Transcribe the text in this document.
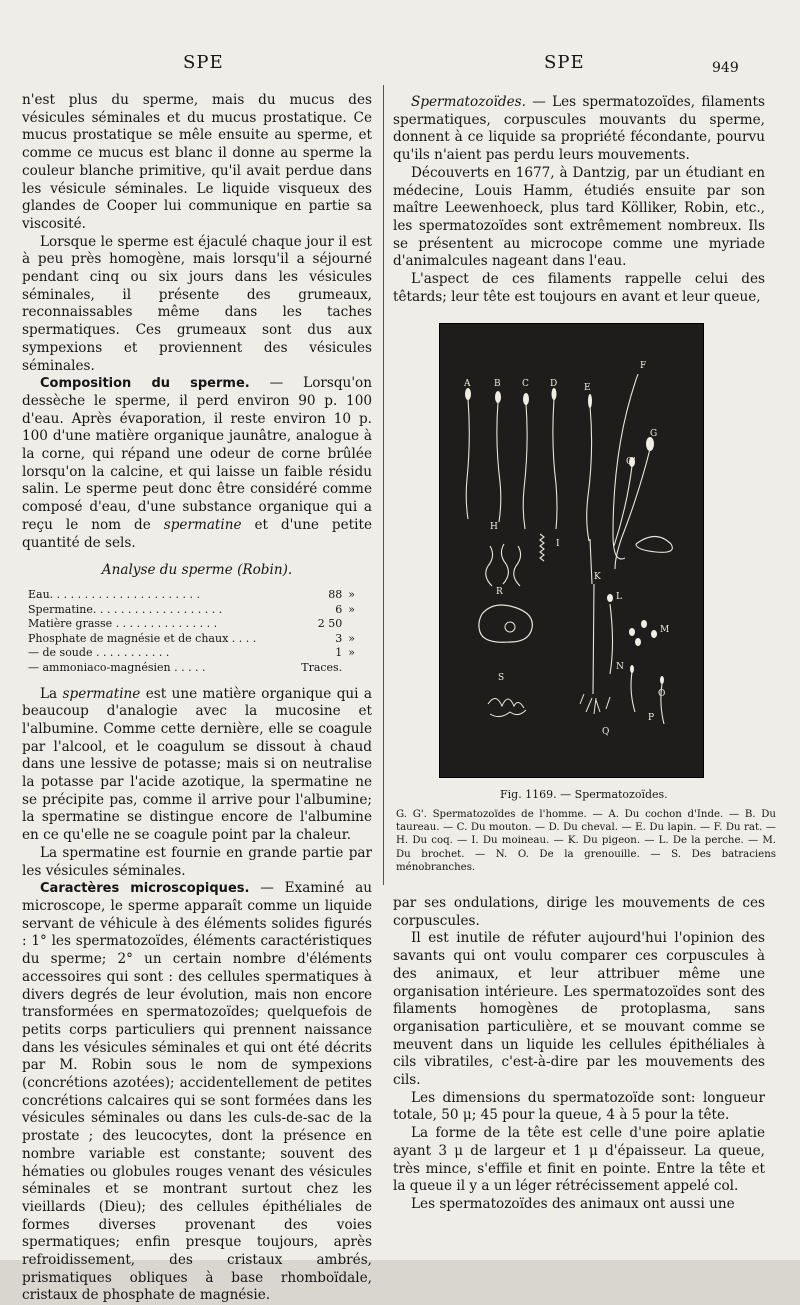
SPE	SPE	949

n'est plus du sperme, mais du mucus des vésicules séminales et du mucus prostatique. Ce mucus prostatique se mêle ensuite au sperme, et comme ce mucus est blanc il donne au sperme la couleur blanche primitive, qu'il avait perdue dans les vésicule séminales. Le liquide visqueux des glandes de Cooper lui communique en partie sa viscosité.

Lorsque le sperme est éjaculé chaque jour il est à peu près homogène, mais lorsqu'il a séjourné pendant cinq ou six jours dans les vésicules séminales, il présente des grumeaux, reconnaissables même dans les taches spermatiques. Ces grumeaux sont dus aux sympexions et proviennent des vésicules séminales.

Composition du sperme. — Lorsqu'on dessèche le sperme, il perd environ 90 p. 100 d'eau. Après évaporation, il reste environ 10 p. 100 d'une matière organique jaunâtre, analogue à la corne, qui répand une odeur de corne brûlée lorsqu'on la calcine, et qui laisse un faible résidu salin. Le sperme peut donc être considéré comme composé d'eau, d'une substance organique qui a reçu le nom de spermatine et d'une petite quantité de sels.

Analyse du sperme (Robin).
Eau. . . . . . . . . . . . . . . . . . . . . .	88	»
Spermatine. . . . . . . . . . . . . . . . . . .	6	»
Matière grasse . . . . . . . . . . . . . . .	2 50	
Phosphate de magnésie et de chaux . . . .	3	»
— de soude . . . . . . . . . . .	1	»
— ammoniaco-magnésien . . . . .	Traces.	

La spermatine est une matière organique qui a beaucoup d'analogie avec la mucosine et l'albumine. Comme cette dernière, elle se coagule par l'alcool, et le coagulum se dissout à chaud dans une lessive de potasse; mais si on neutralise la potasse par l'acide azotique, la spermatine ne se précipite pas, comme il arrive pour l'albumine; la spermatine se distingue encore de l'albumine en ce qu'elle ne se coagule point par la chaleur.

La spermatine est fournie en grande partie par les vésicules séminales.

Caractères microscopiques. — Examiné au microscope, le sperme apparaît comme un liquide servant de véhicule à des éléments solides figurés : 1° les spermatozoïdes, éléments caractéristiques du sperme; 2° un certain nombre d'éléments accessoires qui sont : des cellules spermatiques à divers degrés de leur évolution, mais non encore transformées en spermatozoïdes; quelquefois de petits corps particuliers qui prennent naissance dans les vésicules séminales et qui ont été décrits par M. Robin sous le nom de sympexions (concrétions azotées); accidentellement de petites concrétions calcaires qui se sont formées dans les vésicules séminales ou dans les culs-de-sac de la prostate ; des leucocytes, dont la présence en nombre variable est constante; souvent des hématies ou globules rouges venant des vésicules séminales et se montrant surtout chez les vieillards (Dieu); des cellules épithéliales de formes diverses provenant des voies spermatiques; enfin presque toujours, après refroidissement, des cristaux ambrés, prismatiques obliques à base rhomboïdale, cristaux de phosphate de magnésie.

Spermatozoïdes. — Les spermatozoïdes, filaments spermatiques, corpuscules mouvants du sperme, donnent à ce liquide sa propriété fécondante, pourvu qu'ils n'aient pas perdu leurs mouvements.

Découverts en 1677, à Dantzig, par un étudiant en médecine, Louis Hamm, étudiés ensuite par son maître Leewenhoeck, plus tard Kölliker, Robin, etc., les spermatozoïdes sont extrêmement nombreux. Ils se présentent au microcope comme une myriade d'animalcules nageant dans l'eau.

L'aspect de ces filaments rappelle celui des têtards; leur tête est toujours en avant et leur queue,

A	B C D	E
F
G
G'
H
I
K
L
M
N
O
P
Q
R
S
Fig. 1169. — Spermatozoïdes.
G. G'. Spermatozoïdes de l'homme. — A. Du cochon d'Inde. — B. Du taureau. — C. Du mouton. — D. Du cheval. — E. Du lapin. — F. Du rat. — H. Du coq. — I. Du moineau. — K. Du pigeon. — L. De la perche. — M. Du brochet. — N. O. De la grenouille. — S. Des batraciens ménobranches.

par ses ondulations, dirige les mouvements de ces corpuscules.

Il est inutile de réfuter aujourd'hui l'opinion des savants qui ont voulu comparer ces corpuscules à des animaux, et leur attribuer même une organisation intérieure. Les spermatozoïdes sont des filaments homogènes de protoplasma, sans organisation particulière, et se mouvant comme se meuvent dans un liquide les cellules épithéliales à cils vibratiles, c'est-à-dire par les mouvements des cils.

Les dimensions du spermatozoïde sont: longueur totale, 50 μ; 45 pour la queue, 4 à 5 pour la tête.

La forme de la tête est celle d'une poire aplatie ayant 3 μ de largeur et 1 μ d'épaisseur. La queue, très mince, s'effile et finit en pointe. Entre la tête et la queue il y a un léger rétrécissement appelé col.

Les spermatozoïdes des animaux ont aussi une
